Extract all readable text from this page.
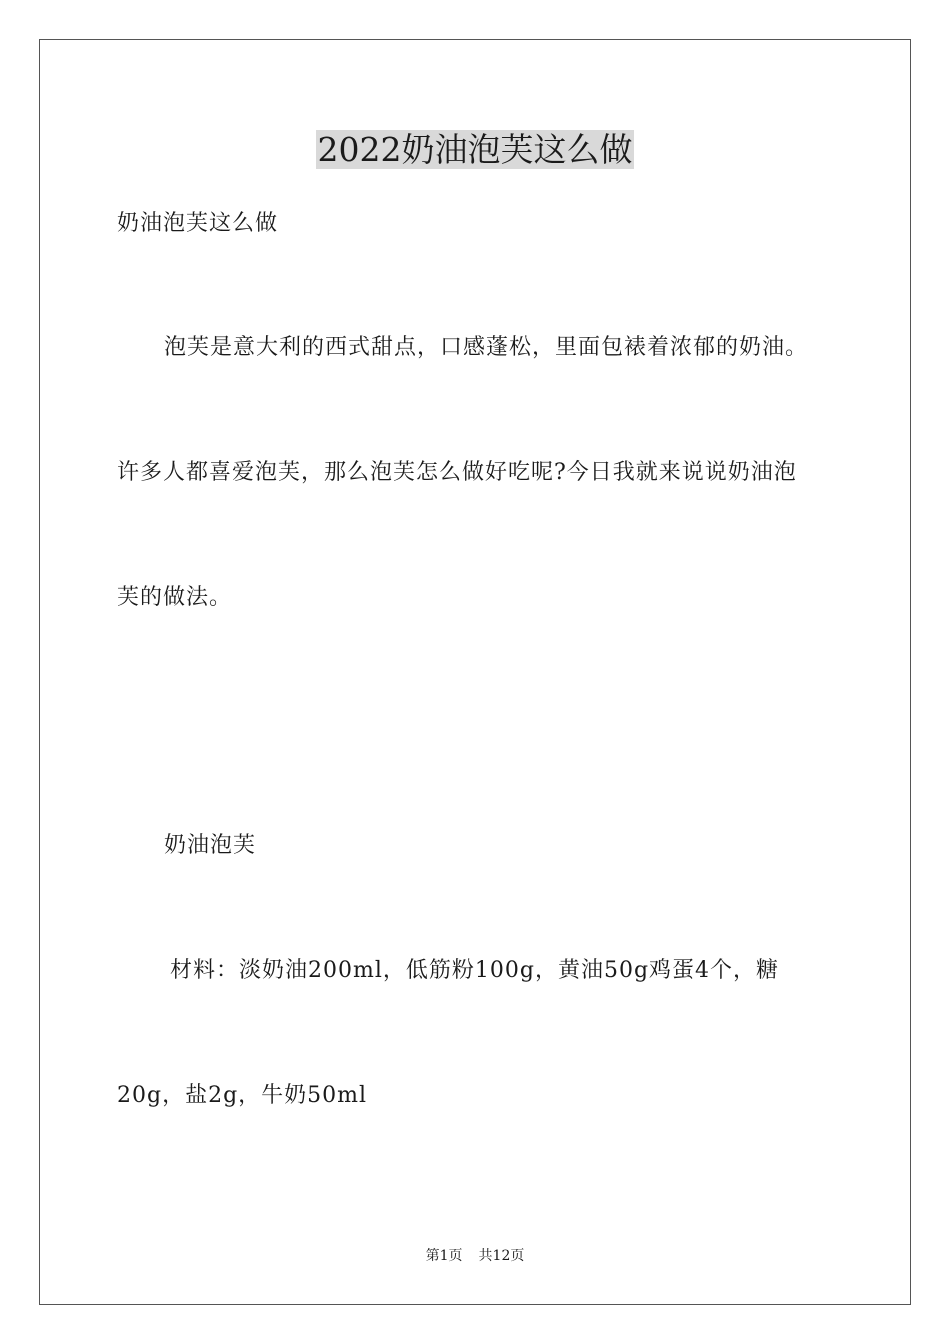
2022奶油泡芙这么做
奶油泡芙这么做
泡芙是意大利的西式甜点，口感蓬松，里面包裱着浓郁的奶油。
许多人都喜爱泡芙，那么泡芙怎么做好吃呢?今日我就来说说奶油泡
芙的做法。
奶油泡芙
材料：淡奶油200ml，低筋粉100g，黄油50g鸡蛋4个，糖
20g，盐2g，牛奶50ml
第1页 共12页
